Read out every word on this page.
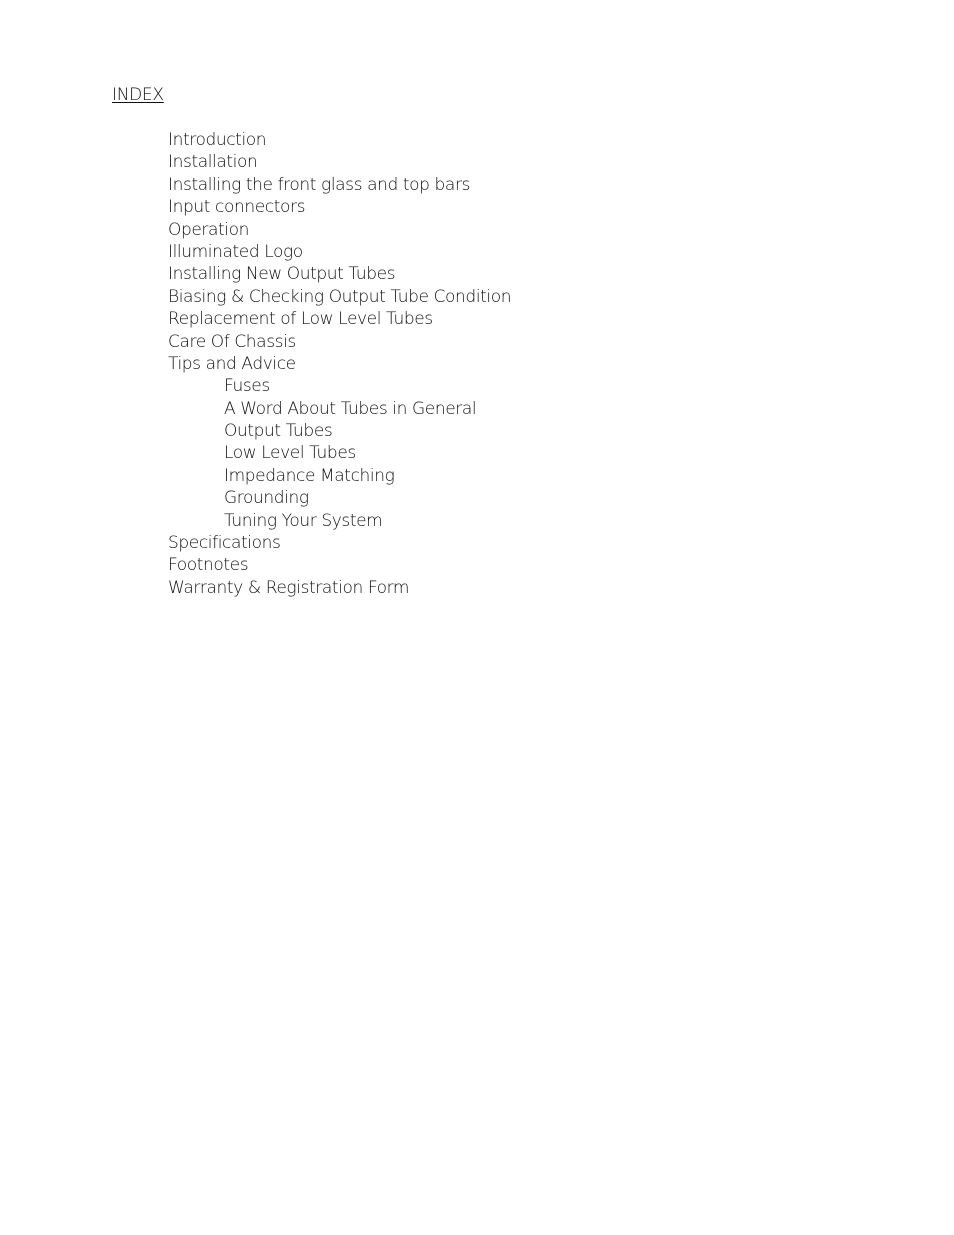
INDEX
Introduction
Installation
Installing the front glass and top bars
Input connectors
Operation
Illuminated Logo
Installing New Output Tubes
Biasing & Checking Output Tube Condition
Replacement of Low Level Tubes
Care Of Chassis
Tips and Advice
Fuses
A Word About Tubes in General
Output Tubes
Low Level Tubes
Impedance Matching
Grounding
Tuning Your System
Specifications
Footnotes
Warranty & Registration Form
